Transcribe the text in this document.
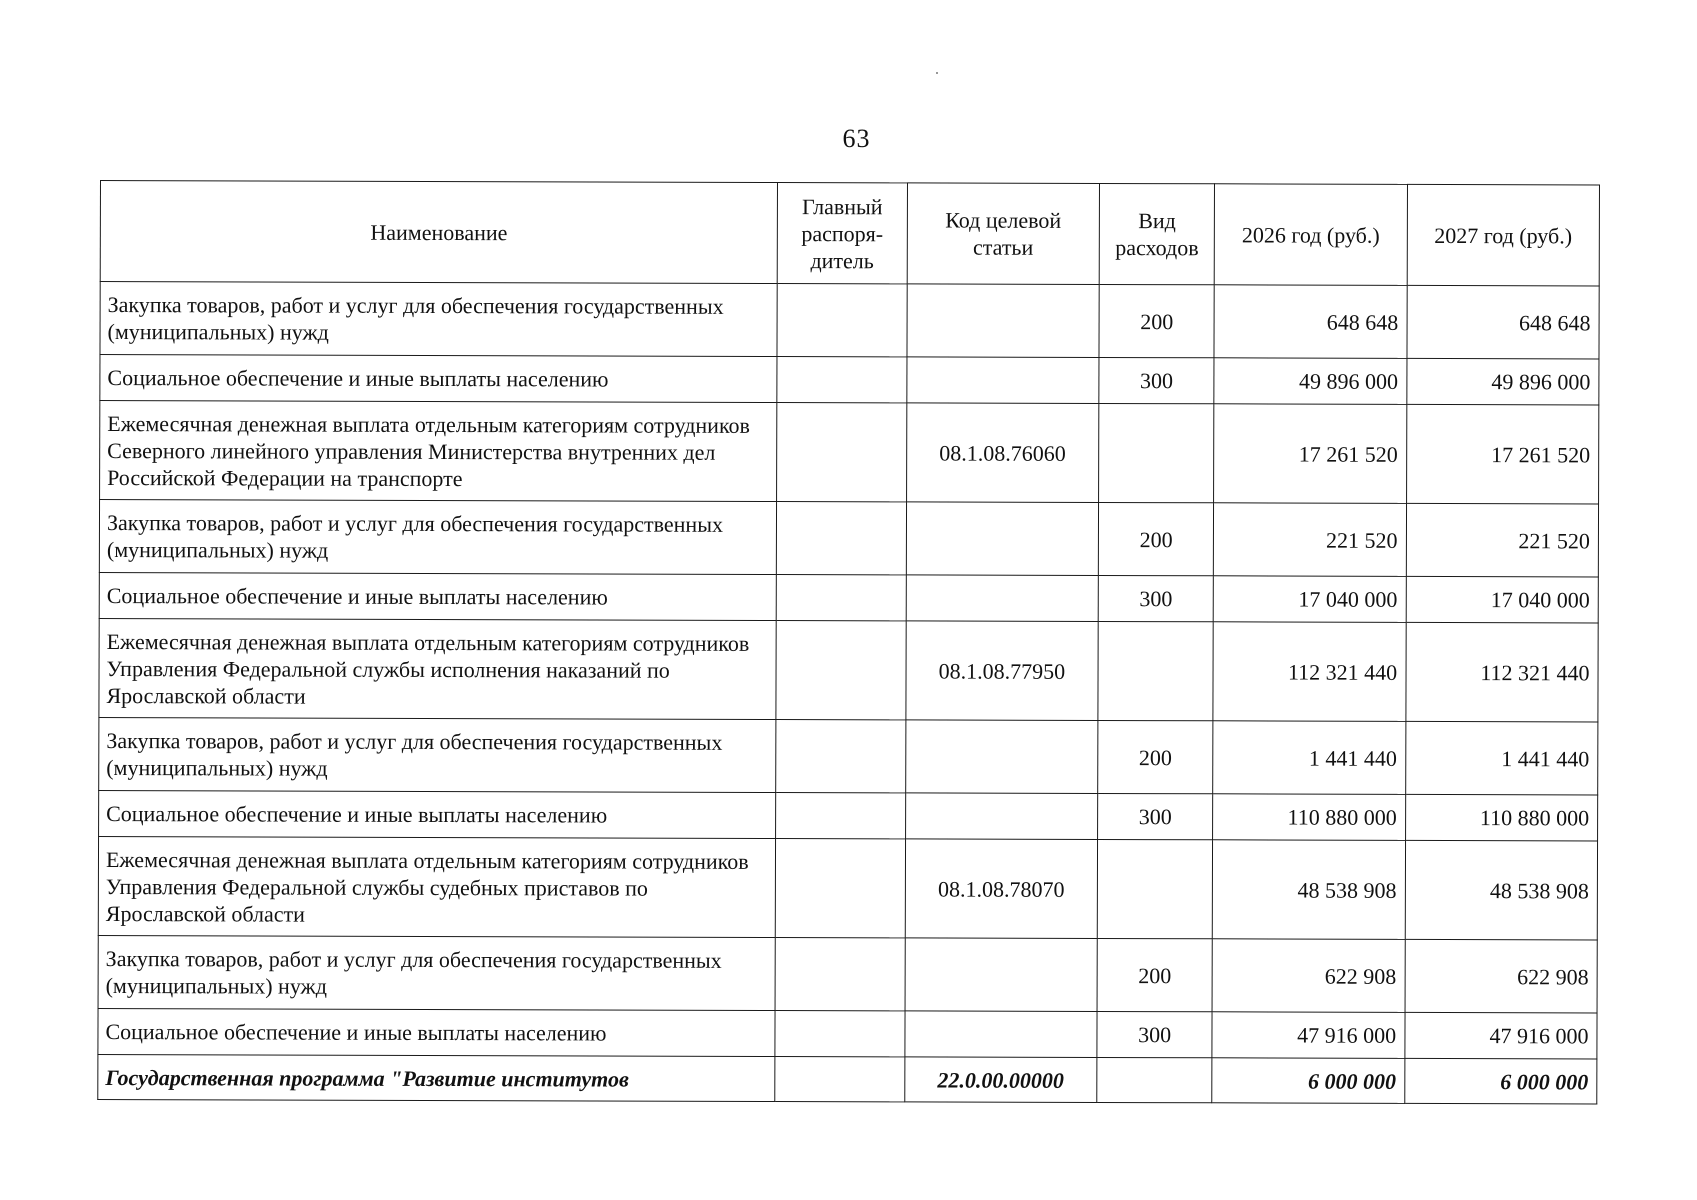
63
Наименование	Главный распоря- дитель	Код целевой статьи	Вид расходов	2026 год (руб.)	2027 год (руб.)
Закупка товаров, работ и услуг для обеспечения государственных (муниципальных) нужд			200	648 648	648 648
Социальное обеспечение и иные выплаты населению			300	49 896 000	49 896 000
Ежемесячная денежная выплата отдельным категориям сотрудников Северного линейного управления Министерства внутренних дел Российской Федерации на транспорте		08.1.08.76060		17 261 520	17 261 520
Закупка товаров, работ и услуг для обеспечения государственных (муниципальных) нужд			200	221 520	221 520
Социальное обеспечение и иные выплаты населению			300	17 040 000	17 040 000
Ежемесячная денежная выплата отдельным категориям сотрудников Управления Федеральной службы исполнения наказаний по Ярославской области		08.1.08.77950		112 321 440	112 321 440
Закупка товаров, работ и услуг для обеспечения государственных (муниципальных) нужд			200	1 441 440	1 441 440
Социальное обеспечение и иные выплаты населению			300	110 880 000	110 880 000
Ежемесячная денежная выплата отдельным категориям сотрудников Управления Федеральной службы судебных приставов по Ярославской области		08.1.08.78070		48 538 908	48 538 908
Закупка товаров, работ и услуг для обеспечения государственных (муниципальных) нужд			200	622 908	622 908
Социальное обеспечение и иные выплаты населению			300	47 916 000	47 916 000
Государственная программа "Развитие институтов		22.0.00.00000		6 000 000	6 000 000
